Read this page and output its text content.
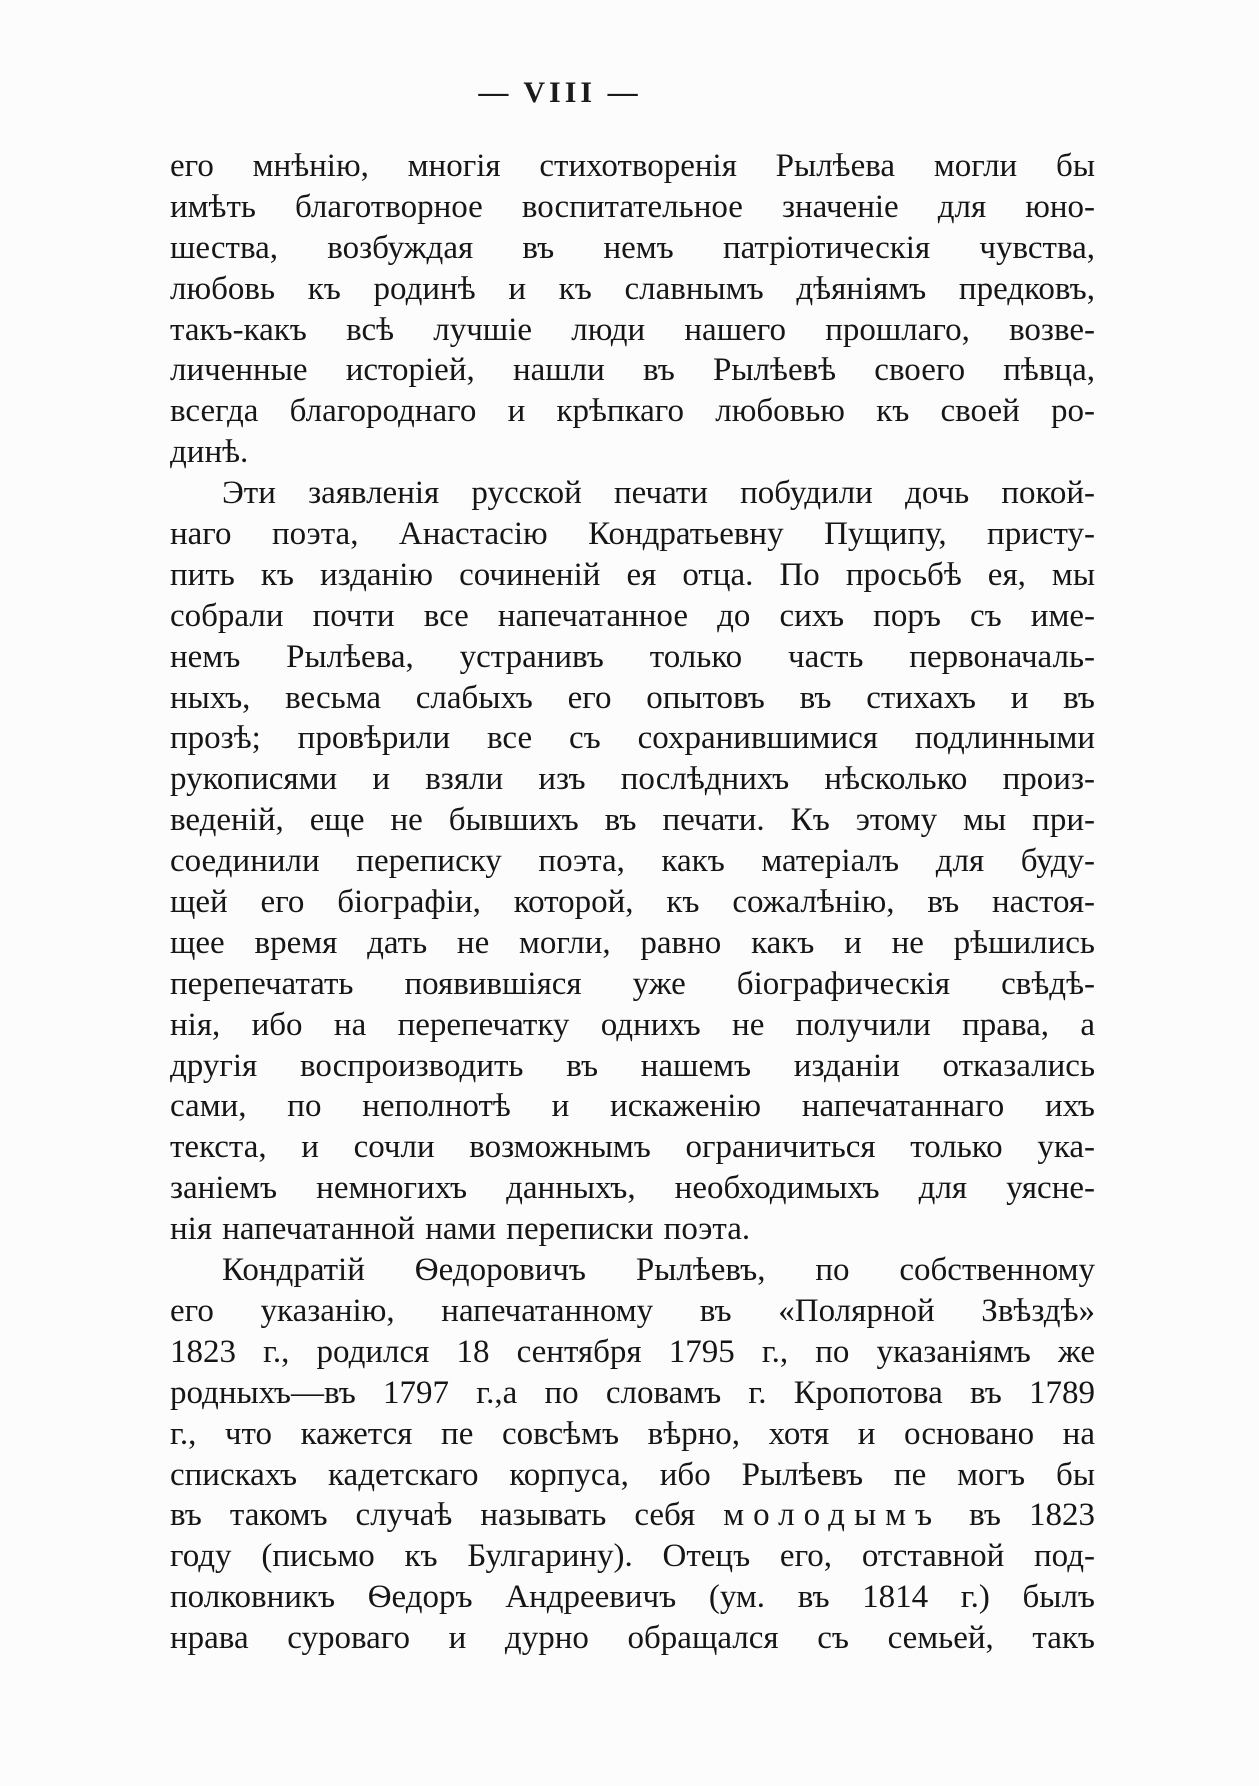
— VIII —
его мнѣнію, многія стихотворенія Рылѣева могли бы
имѣть благотворное воспитательное значеніе для юно-
шества, возбуждая въ немъ патріотическія чувства,
любовь къ родинѣ и къ славнымъ дѣяніямъ предковъ,
такъ-какъ всѣ лучшіе люди нашего прошлаго, возве-
личенные исторіей, нашли въ Рылѣевѣ своего пѣвца,
всегда благороднаго и крѣпкаго любовью къ своей ро-
динѣ.
Эти заявленія русской печати побудили дочь покой-
наго поэта, Анастасію Кондратьевну Пущипу, присту-
пить къ изданію сочиненій ея отца. По просьбѣ ея, мы
собрали почти все напечатанное до сихъ поръ съ име-
немъ Рылѣева, устранивъ только часть первоначаль-
ныхъ, весьма слабыхъ его опытовъ въ стихахъ и въ
прозѣ; провѣрили все съ сохранившимися подлинными
рукописями и взяли изъ послѣднихъ нѣсколько произ-
веденій, еще не бывшихъ въ печати. Къ этому мы при-
соединили переписку поэта, какъ матеріалъ для буду-
щей его біографіи, которой, къ сожалѣнію, въ настоя-
щее время дать не могли, равно какъ и не рѣшились
перепечатать появившіяся уже біографическія свѣдѣ-
нія, ибо на перепечатку однихъ не получили права, а
другія воспроизводить въ нашемъ изданіи отказались
сами, по неполнотѣ и искаженію напечатаннаго ихъ
текста, и сочли возможнымъ ограничиться только ука-
заніемъ немногихъ данныхъ, необходимыхъ для уясне-
нія напечатанной нами переписки поэта.
Кондратій Ѳедоровичъ Рылѣевъ, по собственному
его указанію, напечатанному въ «Полярной Звѣздѣ»
1823 г., родился 18 сентября 1795 г., по указаніямъ же
родныхъ—въ 1797 г.,а по словамъ г. Кропотова въ 1789
г., что кажется пе совсѣмъ вѣрно, хотя и основано на
спискахъ кадетскаго корпуса, ибо Рылѣевъ пе могъ бы
въ такомъ случаѣ называть себя молодымъ въ 1823
году (письмо къ Булгарину). Отецъ его, отставной под-
полковникъ Ѳедоръ Андреевичъ (ум. въ 1814 г.) былъ
нрава суроваго и дурно обращался съ семьей, такъ
